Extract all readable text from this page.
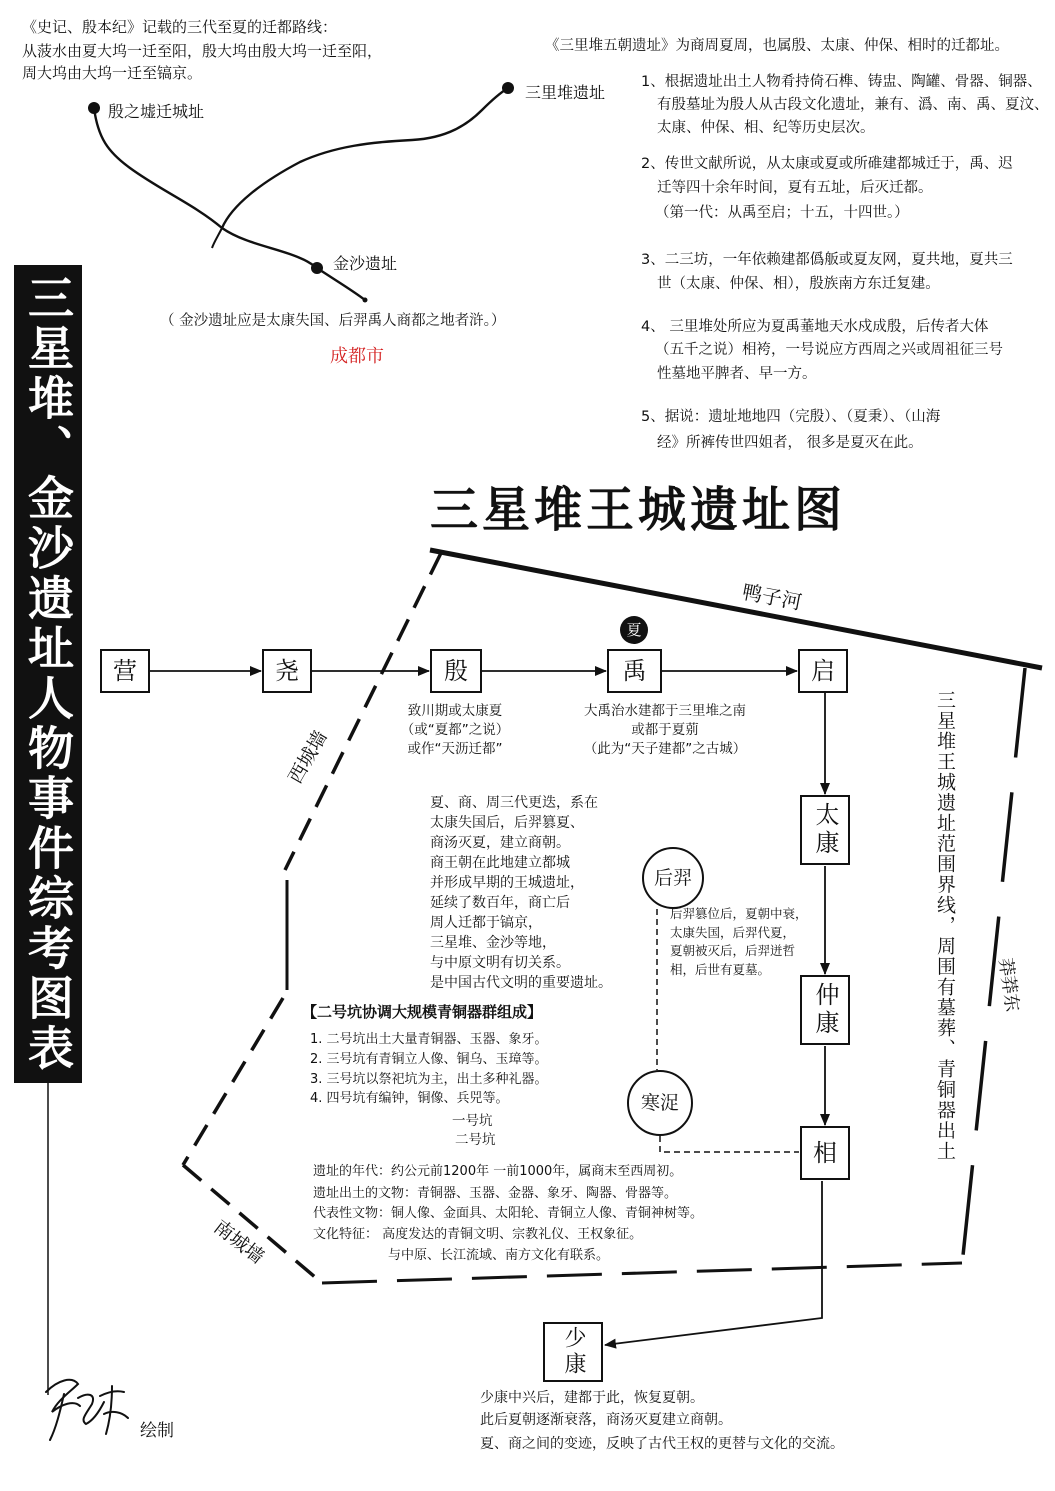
三星堆、金沙遗址人物事件综考图表
《史记、殷本纪》记载的三代至夏的迁都路线：
从菠水由夏大坞一迁至阳，殷大坞由殷大坞一迁至阳，
周大坞由大坞一迁至镐京。
殷之墟迁城址
三里堆遗址
金沙遗址
（ 金沙遗址应是太康失国、后羿禹人商都之地者浒。）
成都市
《三里堆五朝遗址》为商周夏周，也属殷、太康、仲保、相时的迁都址。
1、根据遗址出土人物肴持倚石榫、铸盅、陶罐、骨器、铜器、
有殷墓址为殷人从古段文化遗址，兼有、潙、南、禹、夏汶、
太康、仲保、相、纪等历史层次。
2、传世文献所说，从太康或夏或所碓建都城迁于，禹、迟
迁等四十余年时间，夏有五址，后灭迁都。
（第一代：从禹至启；十五，十四世。）
3、二三坊，一年依赖建都僞舨或夏友网，夏共地，夏共三
世（太康、仲保、相），殷族南方东迁复建。
4、 三里堆处所应为夏禹菙地天水戍成殷，后传者大体
（五千之说）相袴，一号说应方西周之兴或周祖征三号
性墓地平脾者、早一方。
5、据说：遗址地地四（完殷）、（夏秉）、（山海
经》所裤传世四姐者， 很多是夏灭在此。
三星堆王城遗址图
鸭子河
西城墙
南城墙
莽莽东
三星堆王城遗址范围界线，周围有墓葬、青铜器出土
营	尧	殷	禹
夏
启
太康
仲康
相
少康
后羿
寒浞
致川期或太康夏
（或“夏都”之说）
或作“天沥迁都”
大禹治水建都于三里堆之南
或都于夏莂
（此为“天子建都”之古城）
夏、商、周三代更迭，系在
太康失国后，后羿篡夏、
商汤灭夏，建立商朝。
商王朝在此地建立都城
并形成早期的王城遗址，
延续了数百年，商亡后
周人迁都于镐京，
三星堆、金沙等地，
与中原文明有切关系。
是中国古代文明的重要遗址。
后羿篡位后，夏朝中衰，
太康失国，后羿代夏，
夏朝被灭后，后羿迸哲
相，后世有夏墓。
【二号坑协调大规模青铜器群组成】
1. 二号坑出土大量青铜器、玉器、象牙。
2. 三号坑有青铜立人像、铜乌、玉璋等。
3. 三号坑以祭祀坑为主，出土多种礼器。
4. 四号坑有编钟，铜像、兵兕等。
一号坑
二号坑
遗址的年代：约公元前1200年 一前1000年，属商末至西周初。
遗址出土的文物：青铜器、玉器、金器、象牙、陶器、骨器等。
代表性文物：铜人像、金面具、太阳轮、青铜立人像、青铜神树等。
文化特征： 高度发达的青铜文明、宗教礼仪、王权象征。
与中原、长江流域、南方文化有联系。
少康中兴后，建都于此，恢复夏朝。
此后夏朝逐渐衰落，商汤灭夏建立商朝。
夏、商之间的变迹，反映了古代王权的更替与文化的交流。
绘制
